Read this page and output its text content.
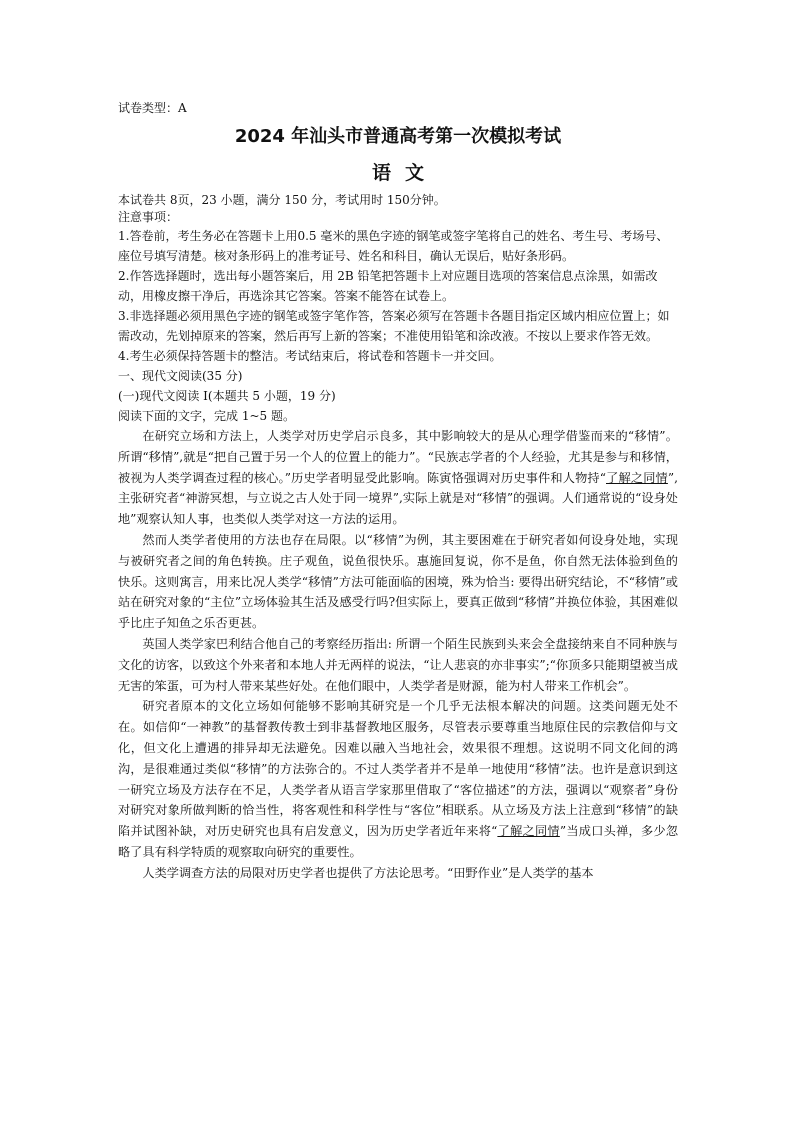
试卷类型：A
2024 年汕头市普通高考第一次模拟考试
语文

本试卷共 8页，23 小题，满分 150 分，考试用时 150分钟。

注意事项：

1.答卷前，考生务必在答题卡上用0.5 毫米的黑色字迹的钢笔或签字笔将自己的姓名、考生号、考场号、座位号填写清楚。核对条形码上的准考证号、姓名和科目，确认无误后，贴好条形码。

2.作答选择题时，选出每小题答案后，用 2B 铅笔把答题卡上对应题目选项的答案信息点涂黑，如需改动，用橡皮擦干净后，再选涂其它答案。答案不能答在试卷上。

3.非选择题必须用黑色字迹的钢笔或签字笔作答，答案必须写在答题卡各题目指定区域内相应位置上；如需改动，先划掉原来的答案，然后再写上新的答案；不准使用铅笔和涂改液。不按以上要求作答无效。

4.考生必须保持答题卡的整洁。考试结束后，将试卷和答题卡一并交回。

一、现代文阅读(35 分)

(一)现代文阅读 I(本题共 5 小题，19 分)

阅读下面的文字，完成 1~5 题。

在研究立场和方法上，人类学对历史学启示良多，其中影响较大的是从心理学借鉴而来的“移情”。所谓“移情”,就是“把自己置于另一个人的位置上的能力”。“民族志学者的个人经验，尤其是参与和移情，被视为人类学调查过程的核心。”历史学者明显受此影响。陈寅恪强调对历史事件和人物持“了解之同情”,主张研究者“神游冥想，与立说之古人处于同一境界”,实际上就是对“移情”的强调。人们通常说的“设身处地”观察认知人事，也类似人类学对这一方法的运用。

然而人类学者使用的方法也存在局限。以“移情”为例，其主要困难在于研究者如何设身处地，实现与被研究者之间的角色转换。庄子观鱼，说鱼很快乐。惠施回复说，你不是鱼，你自然无法体验到鱼的快乐。这则寓言，用来比况人类学“移情”方法可能面临的困境，殊为恰当: 要得出研究结论，不“移情”或站在研究对象的“主位”立场体验其生活及感受行吗?但实际上，要真正做到“移情”并换位体验，其困难似乎比庄子知鱼之乐否更甚。

英国人类学家巴利结合他自己的考察经历指出: 所谓一个陌生民族到头来会全盘接纳来自不同种族与文化的访客，以致这个外来者和本地人并无两样的说法，“让人悲哀的亦非事实”;“你顶多只能期望被当成无害的笨蛋，可为村人带来某些好处。在他们眼中，人类学者是财源，能为村人带来工作机会”。

研究者原本的文化立场如何能够不影响其研究是一个几乎无法根本解决的问题。这类问题无处不在。如信仰“一神教”的基督教传教士到非基督教地区服务，尽管表示要尊重当地原住民的宗教信仰与文化，但文化上遭遇的排异却无法避免。因难以融入当地社会，效果很不理想。这说明不同文化间的鸿沟，是很难通过类似“移情”的方法弥合的。不过人类学者并不是单一地使用“移情”法。也许是意识到这一研究立场及方法存在不足，人类学者从语言学家那里借取了“客位描述”的方法，强调以“观察者”身份对研究对象所做判断的恰当性，将客观性和科学性与“客位”相联系。从立场及方法上注意到“移情”的缺陷并试图补缺，对历史研究也具有启发意义，因为历史学者近年来将“了解之同情”当成口头禅，多少忽略了具有科学特质的观察取向研究的重要性。

人类学调查方法的局限对历史学者也提供了方法论思考。“田野作业”是人类学的基本
